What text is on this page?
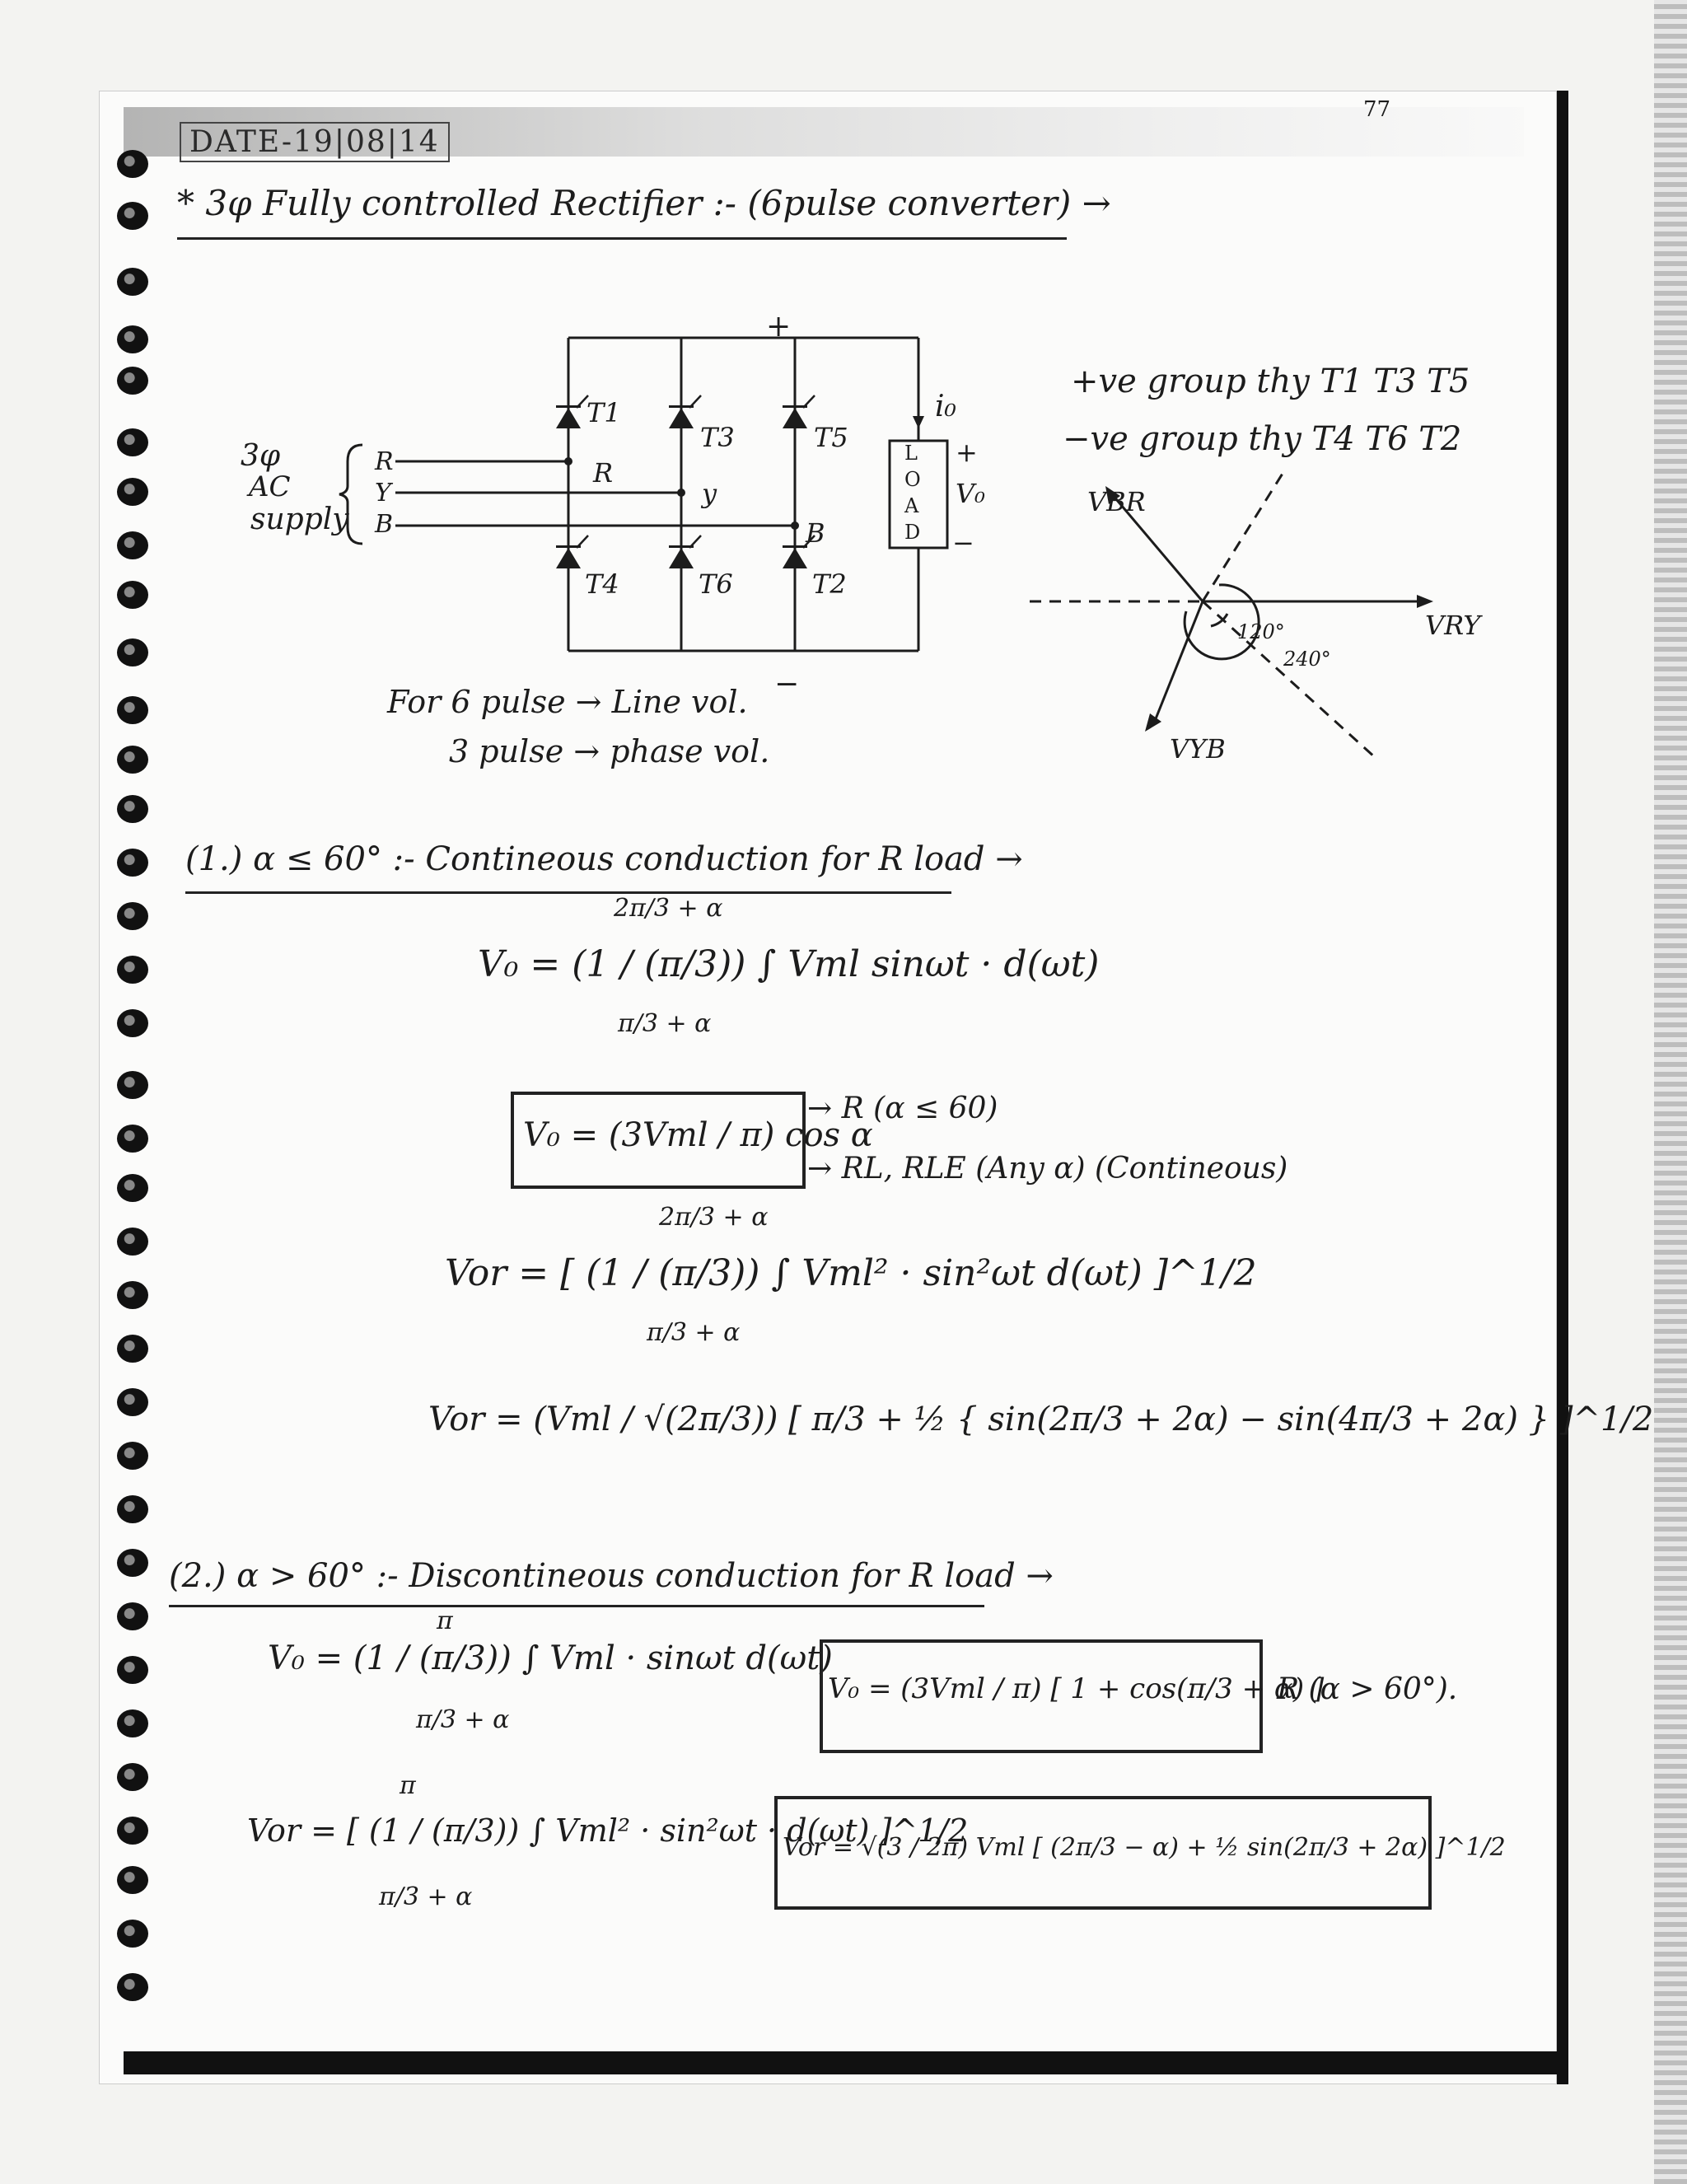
77
DATE-19|08|14
* 3φ Fully controlled Rectifier :- (6pulse converter) →
3φ
AC
supply
R
Y
B
R
y
B
T1
T3	T5
T4	T6	T2
+
−
L
O
A
D
i₀
+
V₀
−
+ve group thy T1 T3 T5
−ve group thy T4 T6 T2
VBR
VRY
VYB
120°
240°
For 6 pulse → Line vol.
3 pulse → phase vol.
(1.) α ≤ 60° :- Contineous conduction for R load →
2π/3 + α
V₀ = (1 / (π/3)) ∫ Vml sinωt · d(ωt)
π/3 + α
V₀ = (3Vml / π) cos α
→ R (α ≤ 60)
→ RL, RLE (Any α) (Contineous)
2π/3 + α
Vor = [ (1 / (π/3)) ∫ Vml² · sin²ωt d(ωt) ]^1/2
π/3 + α
Vor = (Vml / √(2π/3)) [ π/3 + ½ { sin(2π/3 + 2α) − sin(4π/3 + 2α) } ]^1/2
(2.) α > 60° :- Discontineous conduction for R load →
π
V₀ = (1 / (π/3)) ∫ Vml · sinωt d(ωt)
π/3 + α
V₀ = (3Vml / π) [ 1 + cos(π/3 + α) ]
R (α > 60°).
π
Vor = [ (1 / (π/3)) ∫ Vml² · sin²ωt · d(ωt) ]^1/2
π/3 + α
Vor = √(3 / 2π) Vml [ (2π/3 − α) + ½ sin(2π/3 + 2α) ]^1/2
